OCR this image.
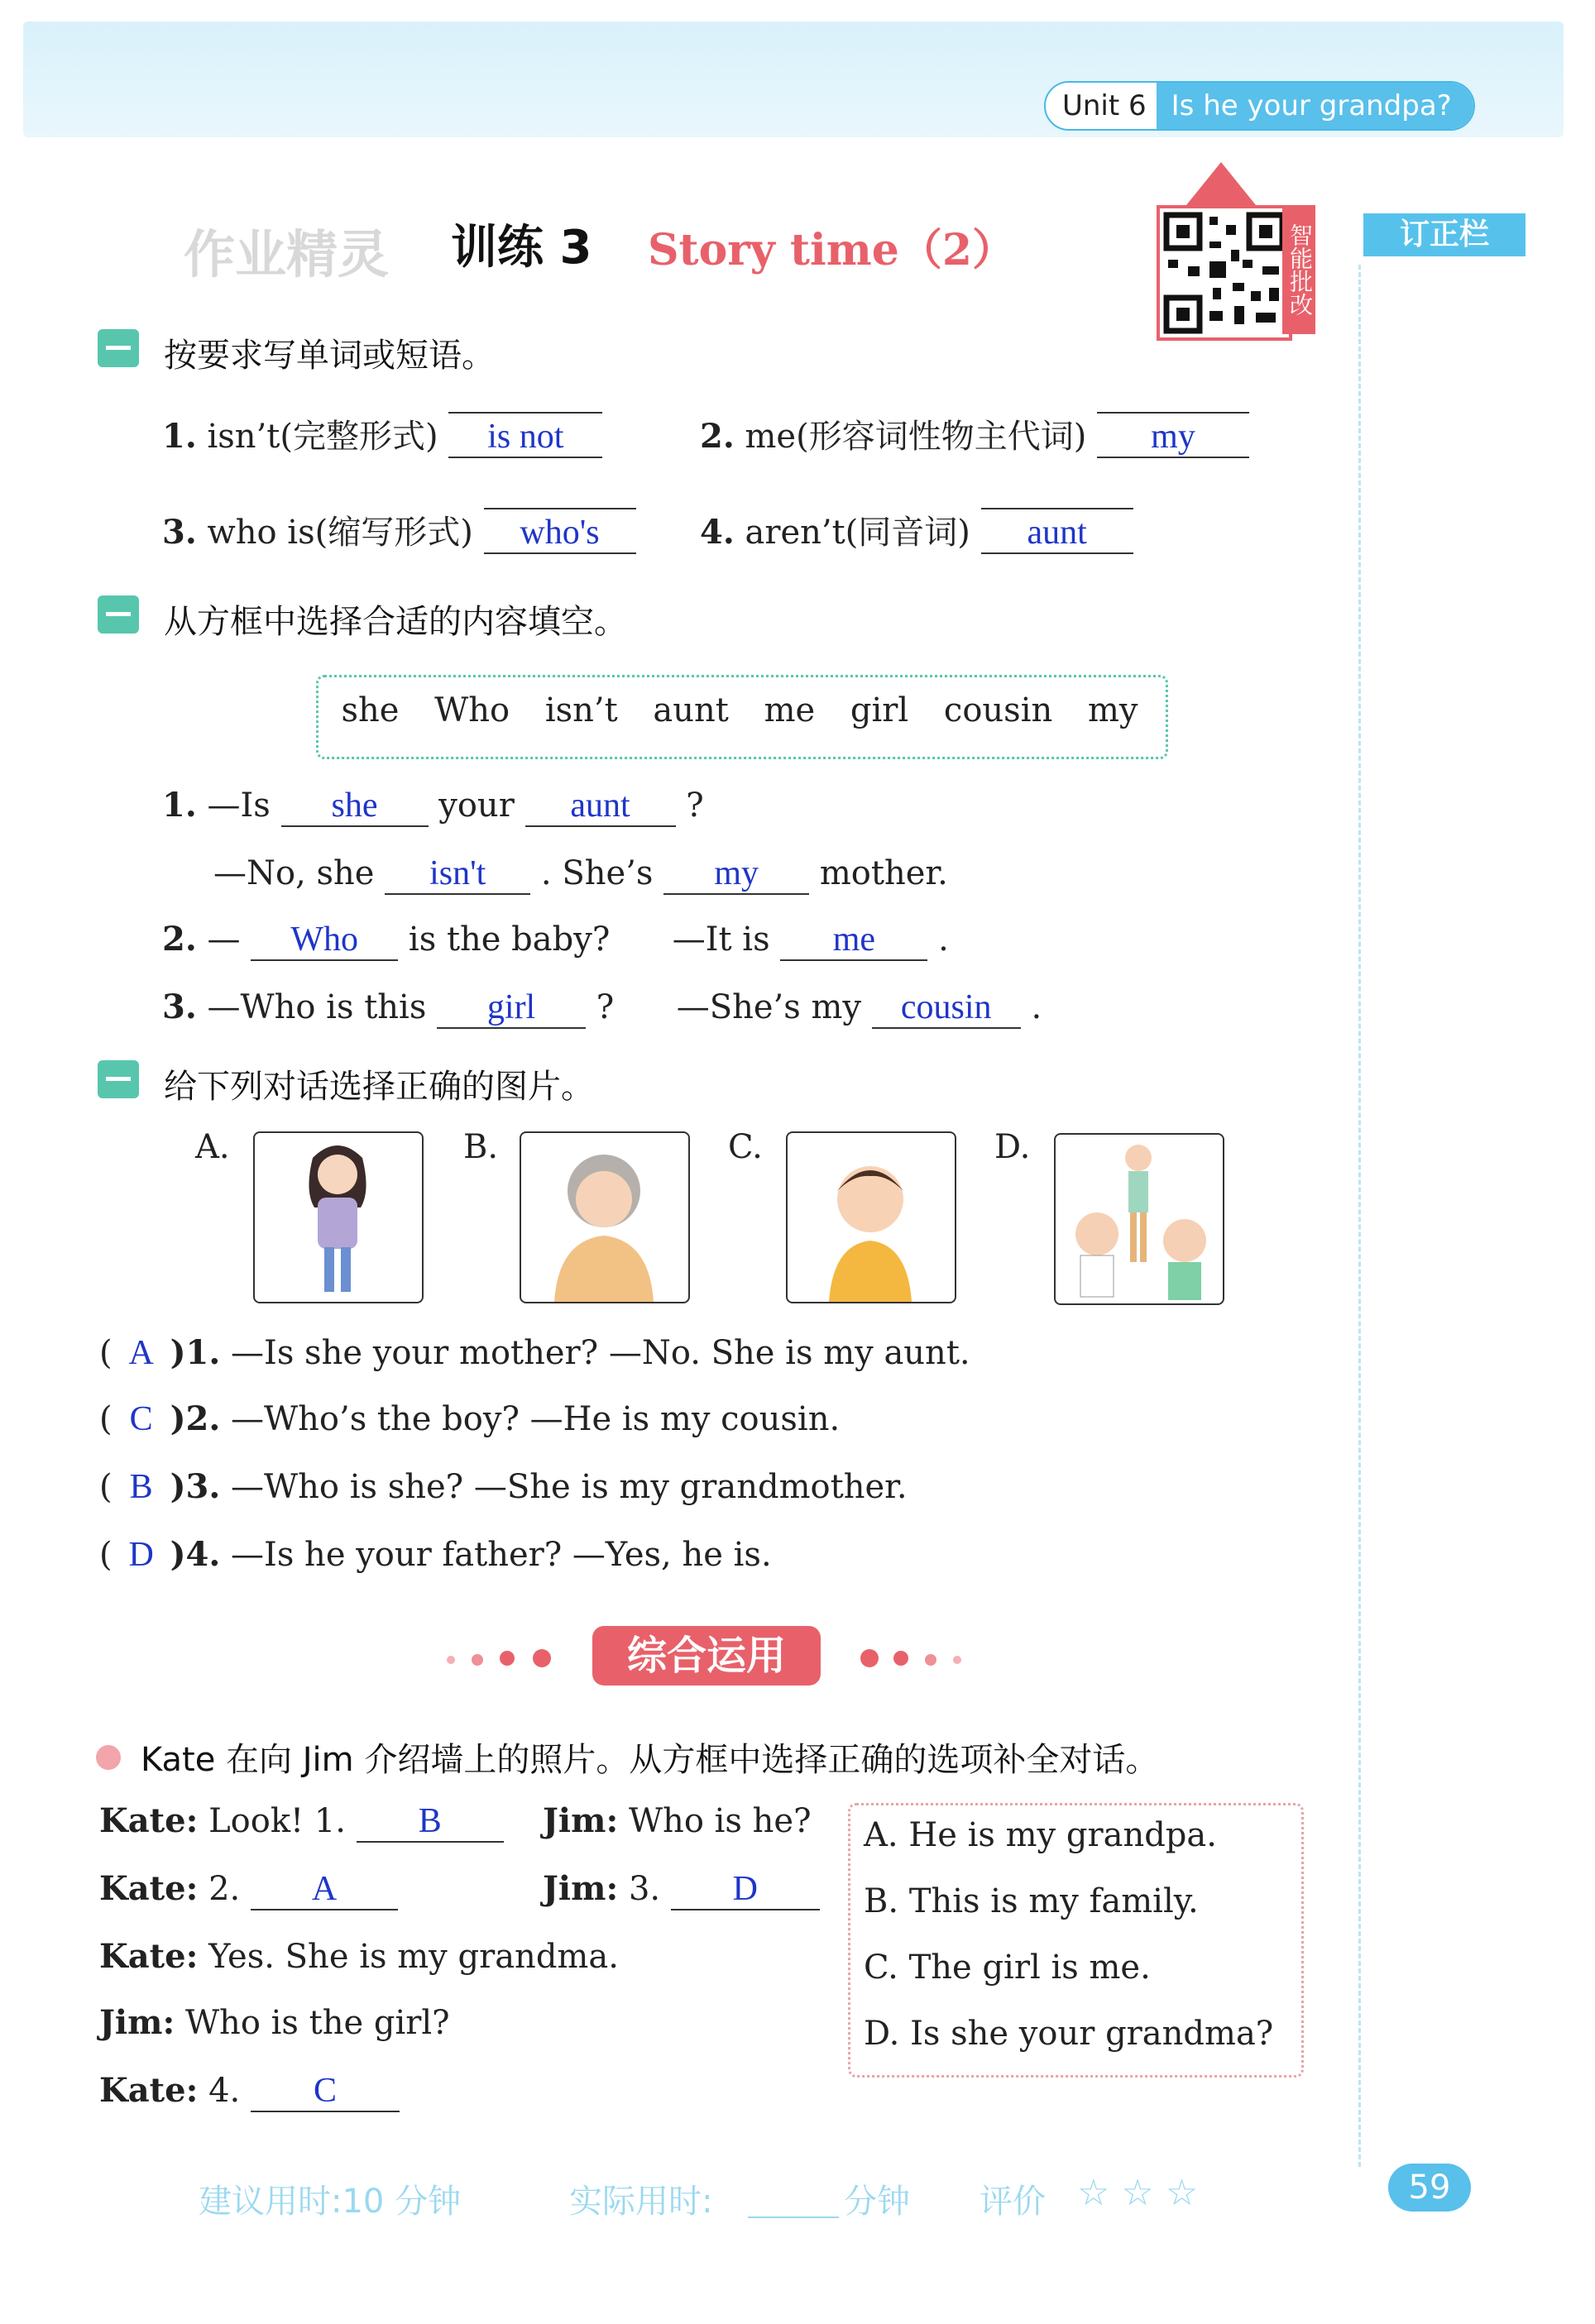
Unit 6 Is he your grandpa?
作业精灵 训练 3 Story time（2）	智能批改	订正栏
按要求写单词或短语。
1. isn’t(完整形式) is not	2. me(形容词性物主代词) my
3. who is(缩写形式) who's	4. aren’t(同音词) aunt
从方框中选择合适的内容填空。
she Who isn’t aunt me girl cousin my
1. —Is she your aunt ?
—No, she isn't . She’s my mother.
2. — Who is the baby? —It is me .
3. —Who is this girl ? —She’s my cousin .
给下列对话选择正确的图片。
A.	B.	C.	D.
( A )1. —Is she your mother? —No. She is my aunt.
( C )2. —Who’s the boy? —He is my cousin.
( B )3. —Who is she? —She is my grandmother.
( D )4. —Is he your father? —Yes, he is.
综合运用
Kate 在向 Jim 介绍墙上的照片。从方框中选择正确的选项补全对话。
Kate: Look! 1. B	Jim: Who is he?
Kate: 2. A	Jim: 3. D
Kate: Yes. She is my grandma.
Jim: Who is the girl?
Kate: 4. C
A. He is my grandpa.
B. This is my family.
C. The girl is me.
D. Is she your grandma?
建议用时:10 分钟	实际用时:	分钟 评价 ☆ ☆ ☆	59
